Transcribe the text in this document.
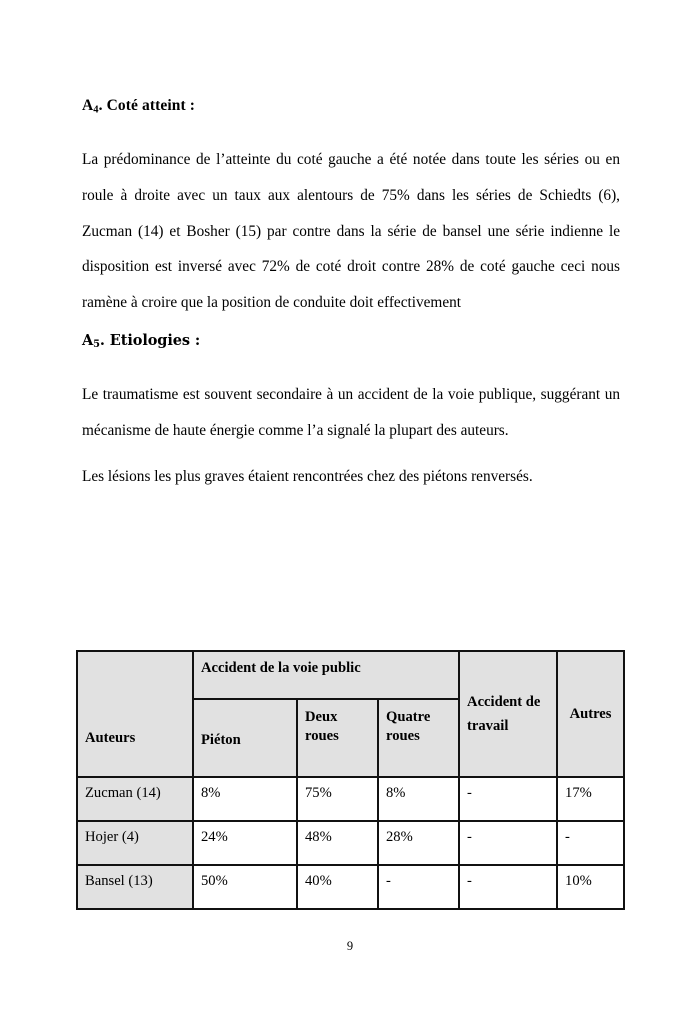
$A_4$. Coté atteint :

La prédominance de l’atteinte du coté gauche a été notée dans toute les séries ou en roule à droite avec un taux aux alentours de 75% dans les séries de Schiedts (6), Zucman (14) et Bosher (15) par contre dans la série de bansel une série indienne le disposition est inversé avec 72% de coté droit contre 28% de coté gauche ceci nous ramène à croire que la position de conduite doit effectivement

$A_5$. Etiologies :

Le traumatisme est souvent secondaire à un accident de la voie publique, suggérant un mécanisme de haute énergie comme l’a signalé la plupart des auteurs.

Les lésions les plus graves étaient rencontrées chez des piétons renversés.

Auteurs	Accident de la voie public			Accident de travail	Autres

	Piéton	Deux roues	Quatre roues		

Zucman (14)	8%	75%	8%	-	17%

Hojer (4)	24%	48%	28%	-	-

Bansel (13)	50%	40%	-	-	10%
9
